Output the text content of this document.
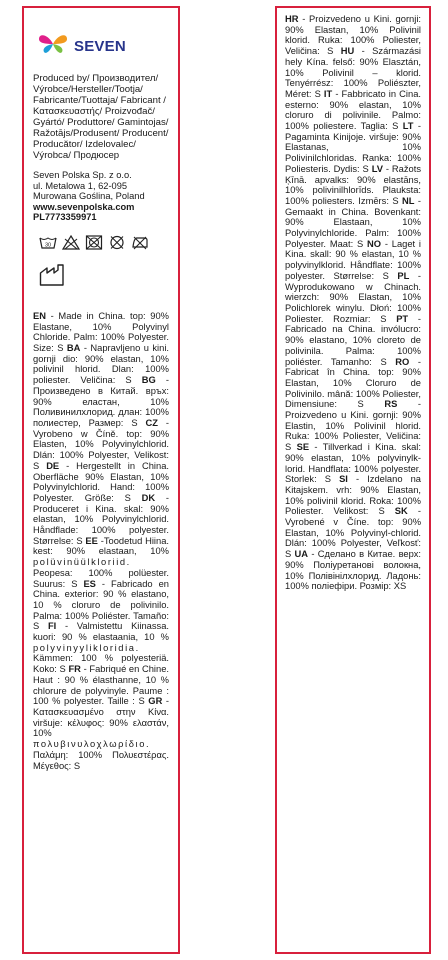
SEVEN
Produced by/ Производител/ Výrobce/Hersteller/Tootja/ Fabricante/Tuottaja/ Fabricant /Κατασκευαστής/ Proizvođač/ Gyártó/ Produttore/ Gamintojas/ Ražotājs/Produsent/ Producent/ Producător/ Izdelovalec/ Výrobca/ Продюсер
Seven Polska Sp. z o.o.
ul. Metalowa 1, 62-095
Murowana Goślina, Poland
www.sevenpolska.com
PL7773359971
30
EN - Made in China. top: 90% Elastane, 10% Polyvinyl Chloride. Palm: 100% Polyester. Size: S BA - Napravljeno u kini. gornji dio: 90% elastan, 10% polivinil hlorid. Dlan: 100% poliester. Veličina: S BG - Произведено в Китай. връх: 90% еластан, 10% Поливинилхлорид. длан: 100% полиестер, Размер: S CZ - Vyrobeno w Číně. top: 90% Elasten, 10% Polyvinylchlorid. Dlán: 100% Polyester, Velikost: S DE - Hergestellt in China. Oberfläche 90% Elastan, 10% Polyvinylchlorid. Hand: 100% Polyester. Größe: S DK - Produceret i Kina. skal: 90% elastan, 10% Polyvinylchlorid. Håndflade: 100% polyester. Størrelse: S EE -Toodetud Hiina. kest: 90% elastaan, 10% polüvinüülkloriid. Peopesa: 100% polüester. Suurus: S ES - Fabricado en China. exterior: 90 % elastano, 10 % cloruro de polivinilo. Palma: 100% Poliéster. Tamaño: S FI - Valmistettu Kiinassa. kuori: 90 % elastaania, 10 % polyvinyylikloridia. Kämmen: 100 % polyesteriä. Koko: S FR - Fabriqué en Chine. Haut : 90 % élasthanne, 10 % chlorure de polyvinyle. Paume : 100 % polyester. Taille : S GR - Κατασκευασμένο στην Κίνα. viršuje: κέλυφος: 90% ελαστάν, 10% πολυβινυλοχλωρίδιο. Παλάμη: 100% Πολυεστέρας. Μέγεθος: S
HR - Proizvedeno u Kini. gornji: 90% Elastan, 10% Polivinil klorid. Ruka: 100% Poliester, Veličina: S HU - Származási hely Kína. felső: 90% Elasztán, 10% Polivinil – klorid. Tenyérrész: 100% Poliészter, Méret: S IT - Fabbricato in Cina. esterno: 90% elastan, 10% cloruro di polivinile. Palmo: 100% poliestere. Taglia: S LT - Pagaminta Kinijoje. viršuje: 90% Elastanas, 10% Polivinilchloridas. Ranka: 100% Poliesteris. Dydis: S LV - Ražots Ķīnā. apvalks: 90% elastāns, 10% polivinilhlorīds. Plauksta: 100% poliesters. Izmērs: S NL - Gemaakt in China. Bovenkant: 90% Elastaan, 10% Polyvinylchloride. Palm: 100% Polyester. Maat: S NO - Laget i Kina. skall: 90 % elastan, 10 % polyvinylklorid. Håndflate: 100% polyester. Størrelse: S PL - Wyprodukowano w Chinach. wierzch: 90% Elastan, 10% Polichlorek winylu. Dłoń: 100% Poliester. Rozmiar: S PT - Fabricado na China. invólucro: 90% elastano, 10% cloreto de polivinila. Palma: 100% poliéster. Tamanho: S RO - Fabricat în China. top: 90% Elastan, 10% Cloruro de Polivinilo. mână: 100% Poliester, Dimensiune: S RS - Proizvedeno u Kini. gornji: 90% Elastin, 10% Polivinil hlorid. Ruka: 100% Poliester, Veličina: S SE - Tillverkad i Kina. skal: 90% elastan, 10% polyvinylk-lorid. Handflata: 100% polyester. Storlek: S SI - Izdelano na Kitajskem. vrh: 90% Elastan, 10% polivinil klorid. Roka: 100% Poliester. Velikost: S SK - Vyrobené v Číne. top: 90% Elastan, 10% Polyvinyl-chlorid. Dlán: 100% Polyester, Veľkosť: S UA - Сделано в Китае. верх: 90% Поліуретанові волокна, 10% Полівінілхлорид. Ладонь: 100% поліефіри. Розмір: XS
